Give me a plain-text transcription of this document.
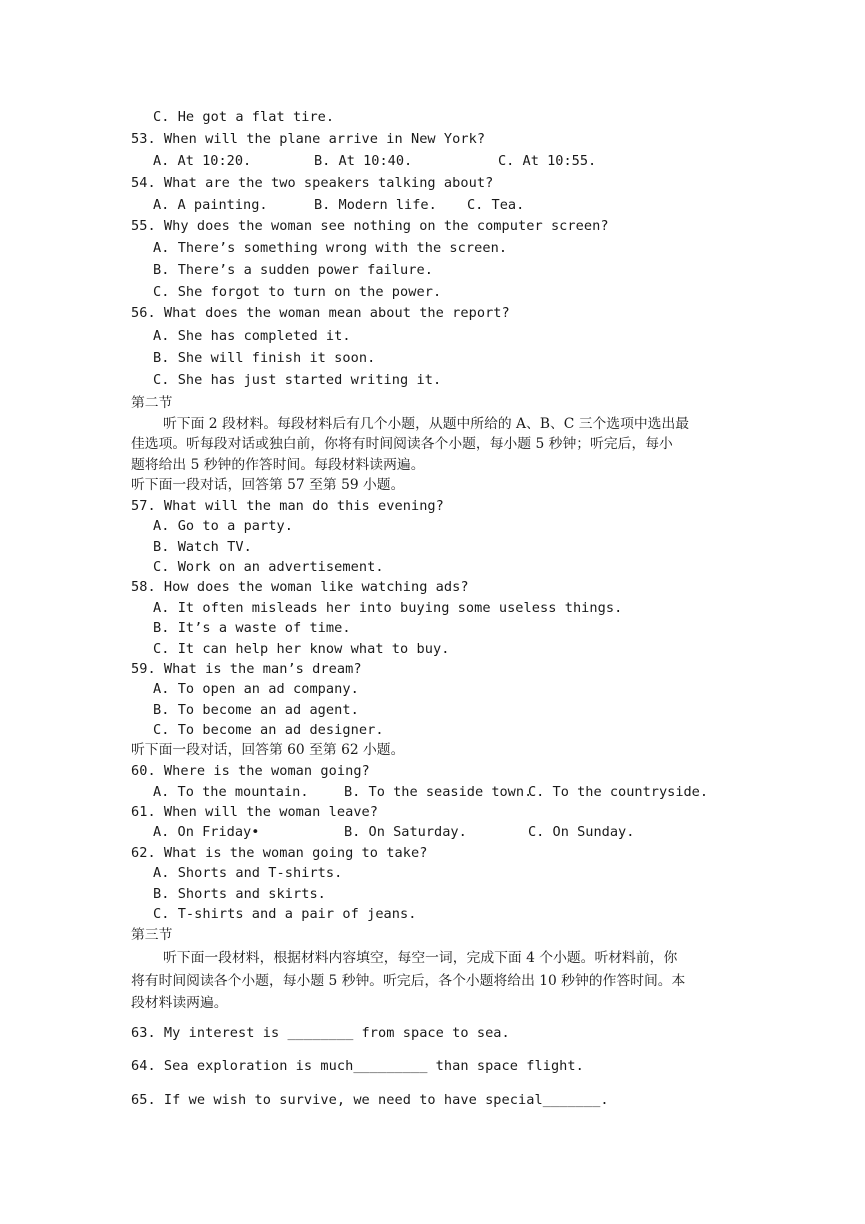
C. He got a flat tire.
53. When will the plane arrive in New York?
A. At 10:20.	B. At 10:40.	C. At 10:55.
54. What are the two speakers talking about?
A. A painting.	B. Modern life. C. Tea.
55. Why does the woman see nothing on the computer screen?
A. There’s something wrong with the screen.
B. There’s a sudden power failure.
C. She forgot to turn on the power.
56. What does the woman mean about the report?
A. She has completed it.
B. She will finish it soon.
C. She has just started writing it.
第二节
听下面 2 段材料。每段材料后有几个小题，从题中所给的 A、B、C 三个选项中选出最
佳选项。听每段对话或独白前，你将有时间阅读各个小题，每小题 5 秒钟；听完后，每小
题将给出 5 秒钟的作答时间。每段材料读两遍。
听下面一段对话，回答第 57 至第 59 小题。
57. What will the man do this evening?
A. Go to a party.
B. Watch TV.
C. Work on an advertisement.
58. How does the woman like watching ads?
A. It often misleads her into buying some useless things.
B. It’s a waste of time.
C. It can help her know what to buy.
59. What is the man’s dream?
A. To open an ad company.
B. To become an ad agent.
C. To become an ad designer.
听下面一段对话，回答第 60 至第 62 小题。
60. Where is the woman going?
A. To the mountain.	B. To the seaside town.
C. To the countryside.
61. When will the woman leave?
A. On Friday•	B. On Saturday.	C. On Sunday.
62. What is the woman going to take?
A. Shorts and T-shirts.
B. Shorts and skirts.
C. T-shirts and a pair of jeans.
第三节
听下面一段材料，根据材料内容填空，每空一词，完成下面 4 个小题。听材料前，你
将有时间阅读各个小题，每小题 5 秒钟。听完后，各个小题将给出 10 秒钟的作答时间。本
段材料读两遍。
63. My interest is ________ from space to sea.
64. Sea exploration is much_________ than space flight.
65. If we wish to survive, we need to have special_______.
